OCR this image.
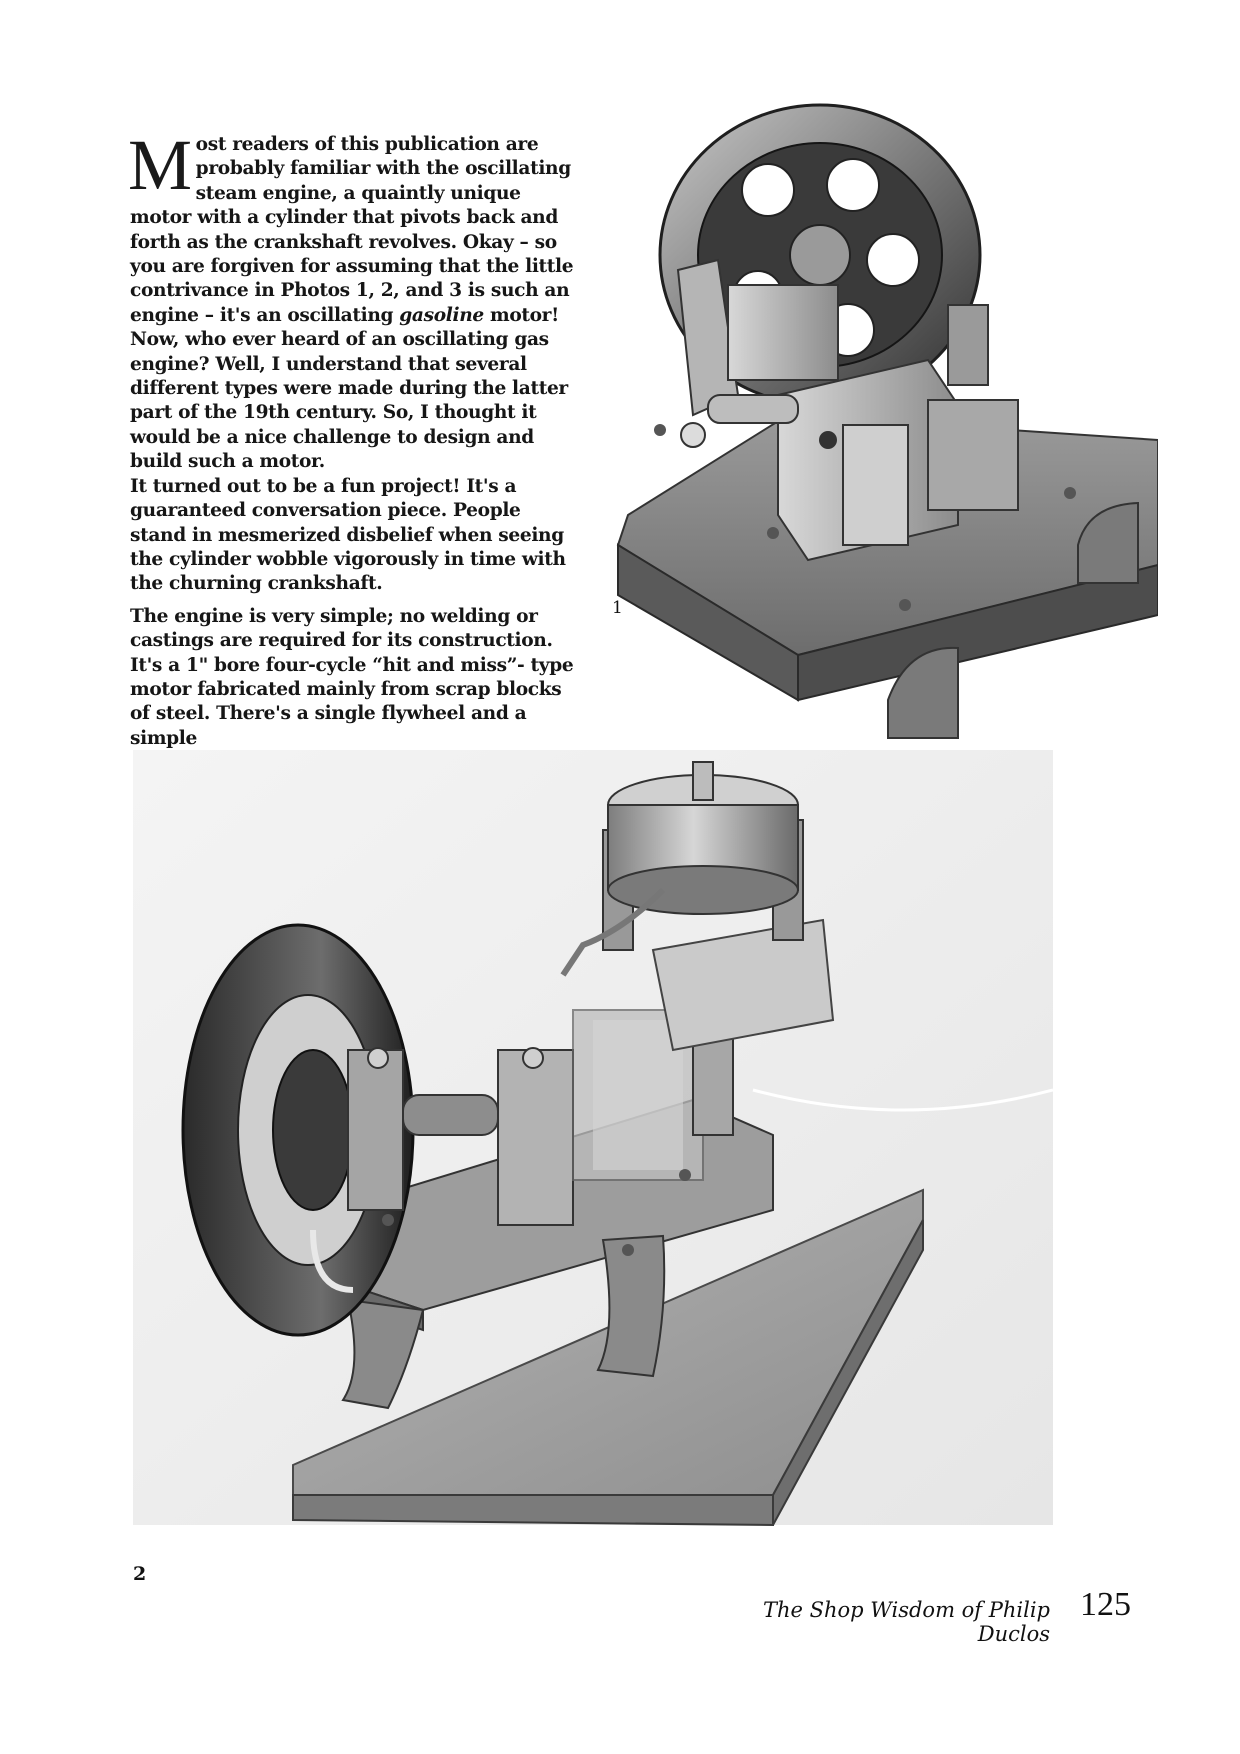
Most readers of this publication are probably familiar with the oscillating steam engine, a quaintly unique motor with a cylinder that pivots back and forth as the crankshaft revolves. Okay – so you are forgiven for assuming that the little contrivance in Photos 1, 2, and 3 is such an engine – it's an oscillating gasoline motor! Now, who ever heard of an oscillating gas engine? Well, I understand that several different types were made during the latter part of the 19th century. So, I thought it would be a nice challenge to design and build such a motor.

It turned out to be a fun project! It's a guaranteed conversation piece. People stand in mesmerized disbelief when seeing the cylinder wobble vigorously in time with the churning crankshaft.

The engine is very simple; no welding or castings are required for its construction. It's a 1" bore four-cycle “hit and miss”- type motor fabricated mainly from scrap blocks of steel. There's a single flywheel and a simple

1
2
The Shop Wisdom of Philip Duclos
125
